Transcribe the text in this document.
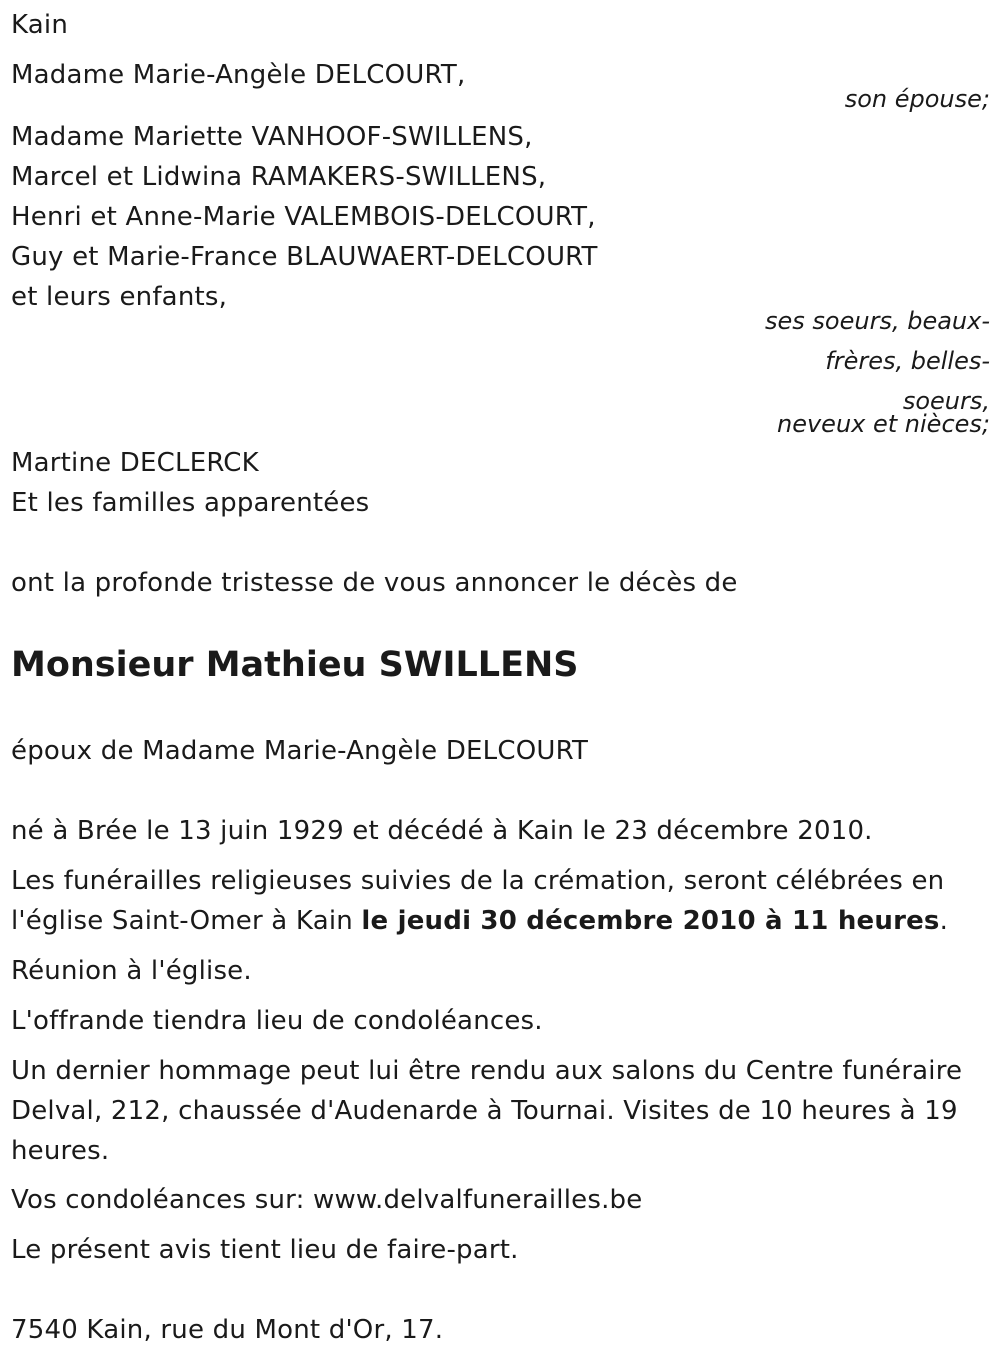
Kain
Madame Marie-Angèle DELCOURT,
son épouse;
Madame Mariette VANHOOF-SWILLENS,
Marcel et Lidwina RAMAKERS-SWILLENS,
Henri et Anne-Marie VALEMBOIS-DELCOURT,
Guy et Marie-France BLAUWAERT-DELCOURT
et leurs enfants,
ses soeurs, beaux-
frères, belles-
soeurs,
neveux et nièces;
Martine DECLERCK
Et les familles apparentées
ont la profonde tristesse de vous annoncer le décès de
Monsieur Mathieu SWILLENS
époux de Madame Marie-Angèle DELCOURT
né à Brée le 13 juin 1929 et décédé à Kain le 23 décembre 2010.
Les funérailles religieuses suivies de la crémation, seront célébrées en
l'église Saint-Omer à Kain le jeudi 30 décembre 2010 à 11 heures.
Réunion à l'église.
L'offrande tiendra lieu de condoléances.
Un dernier hommage peut lui être rendu aux salons du Centre funéraire
Delval, 212, chaussée d'Audenarde à Tournai. Visites de 10 heures à 19
heures.
Vos condoléances sur: www.delvalfunerailles.be
Le présent avis tient lieu de faire-part.
7540 Kain, rue du Mont d'Or, 17.
